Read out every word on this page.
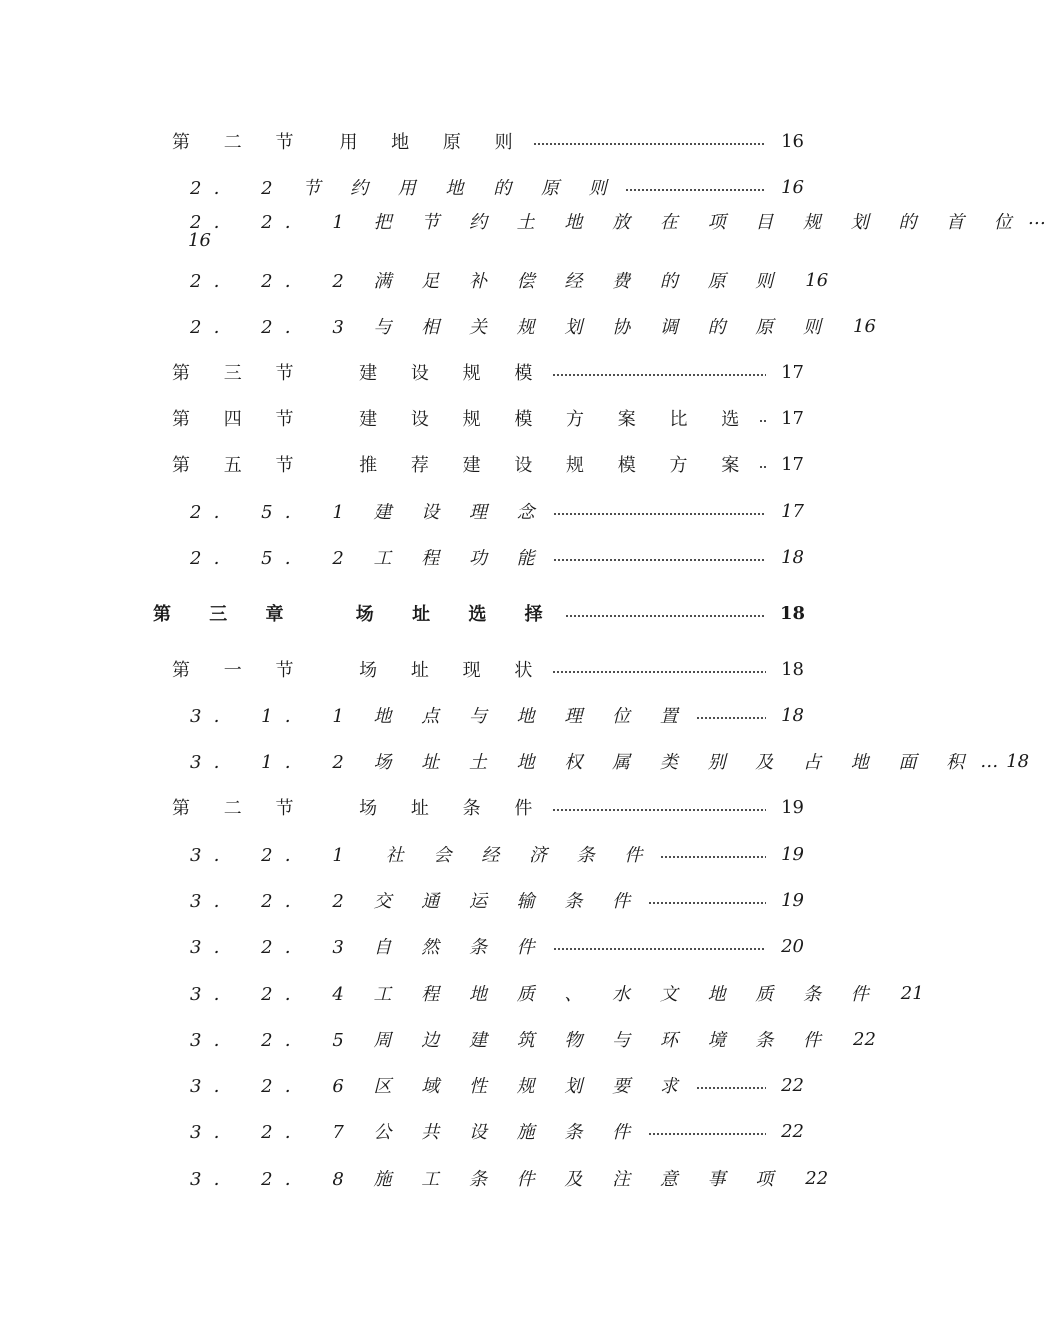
第 二 节　用 地 原 则	16
2． 2 节 约 用 地 的 原 则	16
2． 2． 1 把 节 约 土 地 放 在 项 目 规 划 的 首 位 …
16
2． 2． 2 满 足 补 偿 经 费 的 原 则 16
2． 2． 3 与 相 关 规 划 协 调 的 原 则 16
第 三 节　 建 设 规 模	17
第 四 节　 建 设 规 模 方 案 比 选 17
第 五 节　 推 荐 建 设 规 模 方 案 17
2． 5． 1 建 设 理 念	17
2． 5． 2 工 程 功 能	18
第 三 章　 场 址 选 择	18
第 一 节　 场 址 现 状	18
3． 1． 1 地 点 与 地 理 位 置	18
3． 1． 2 场 址 土 地 权 属 类 别 及 占 地 面 积 … 18
第 二 节　 场 址 条 件	19
3． 2． 1　社 会 经 济 条 件	19
3． 2． 2 交 通 运 输 条 件	19
3． 2． 3 自 然 条 件	20
3． 2． 4 工 程 地 质 、 水 文 地 质 条 件 21
3． 2． 5 周 边 建 筑 物 与 环 境 条 件 22
3． 2． 6 区 域 性 规 划 要 求	22
3． 2． 7 公 共 设 施 条 件	22
3． 2． 8 施 工 条 件 及 注 意 事 项 22
